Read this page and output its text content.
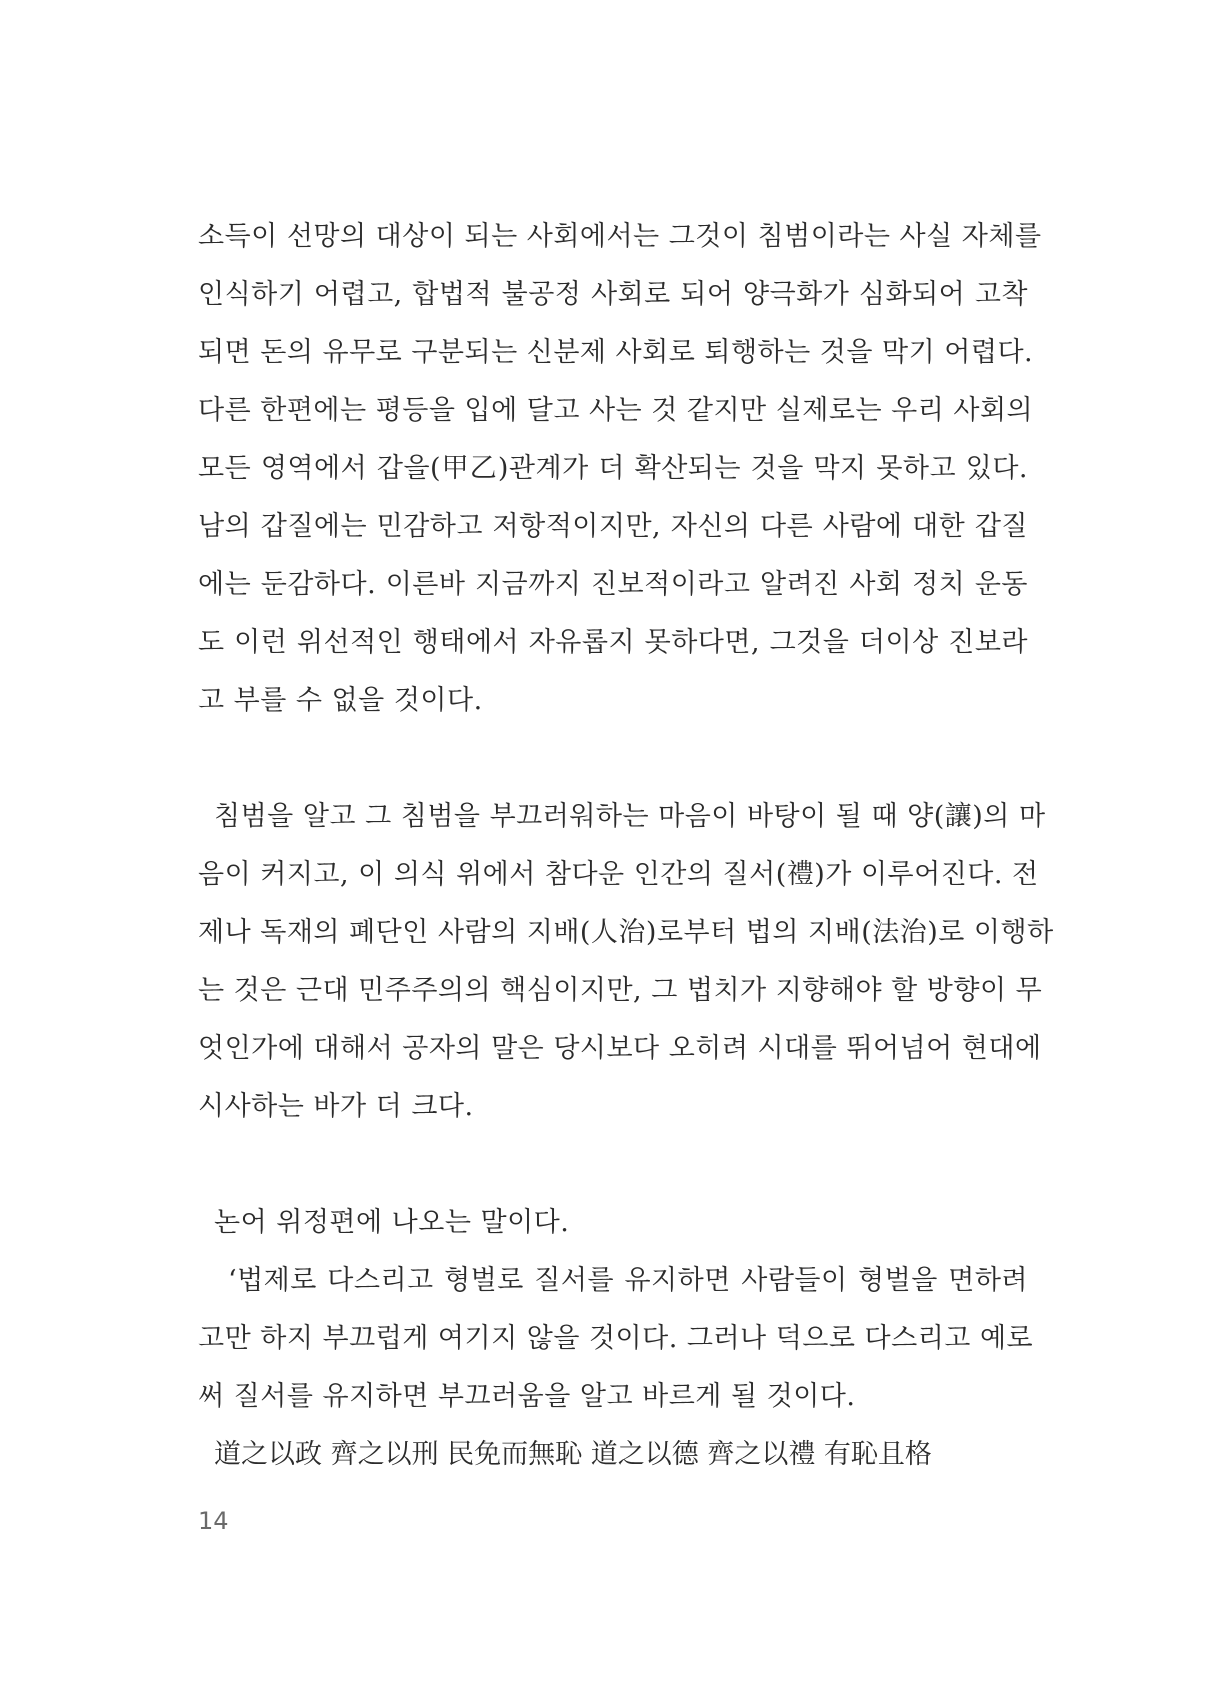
소득이 선망의 대상이 되는 사회에서는 그것이 침범이라는 사실 자체를
인식하기 어렵고, 합법적 불공정 사회로 되어 양극화가 심화되어 고착
되면 돈의 유무로 구분되는 신분제 사회로 퇴행하는 것을 막기 어렵다.
다른 한편에는 평등을 입에 달고 사는 것 같지만 실제로는 우리 사회의
모든 영역에서 갑을(甲乙)관계가 더 확산되는 것을 막지 못하고 있다.
남의 갑질에는 민감하고 저항적이지만, 자신의 다른 사람에 대한 갑질
에는 둔감하다. 이른바 지금까지 진보적이라고 알려진 사회 정치 운동
도 이런 위선적인 행태에서 자유롭지 못하다면, 그것을 더이상 진보라
고 부를 수 없을 것이다.
침범을 알고 그 침범을 부끄러워하는 마음이 바탕이 될 때 양(讓)의 마
음이 커지고, 이 의식 위에서 참다운 인간의 질서(禮)가 이루어진다. 전
제나 독재의 폐단인 사람의 지배(人治)로부터 법의 지배(法治)로 이행하
는 것은 근대 민주주의의 핵심이지만, 그 법치가 지향해야 할 방향이 무
엇인가에 대해서 공자의 말은 당시보다 오히려 시대를 뛰어넘어 현대에
시사하는 바가 더 크다.
논어 위정편에 나오는 말이다.
‘법제로 다스리고 형벌로 질서를 유지하면 사람들이 형벌을 면하려
고만 하지 부끄럽게 여기지 않을 것이다. 그러나 덕으로 다스리고 예로
써 질서를 유지하면 부끄러움을 알고 바르게 될 것이다.
道之以政 齊之以刑 民免而無恥 道之以德 齊之以禮 有恥且格
14
